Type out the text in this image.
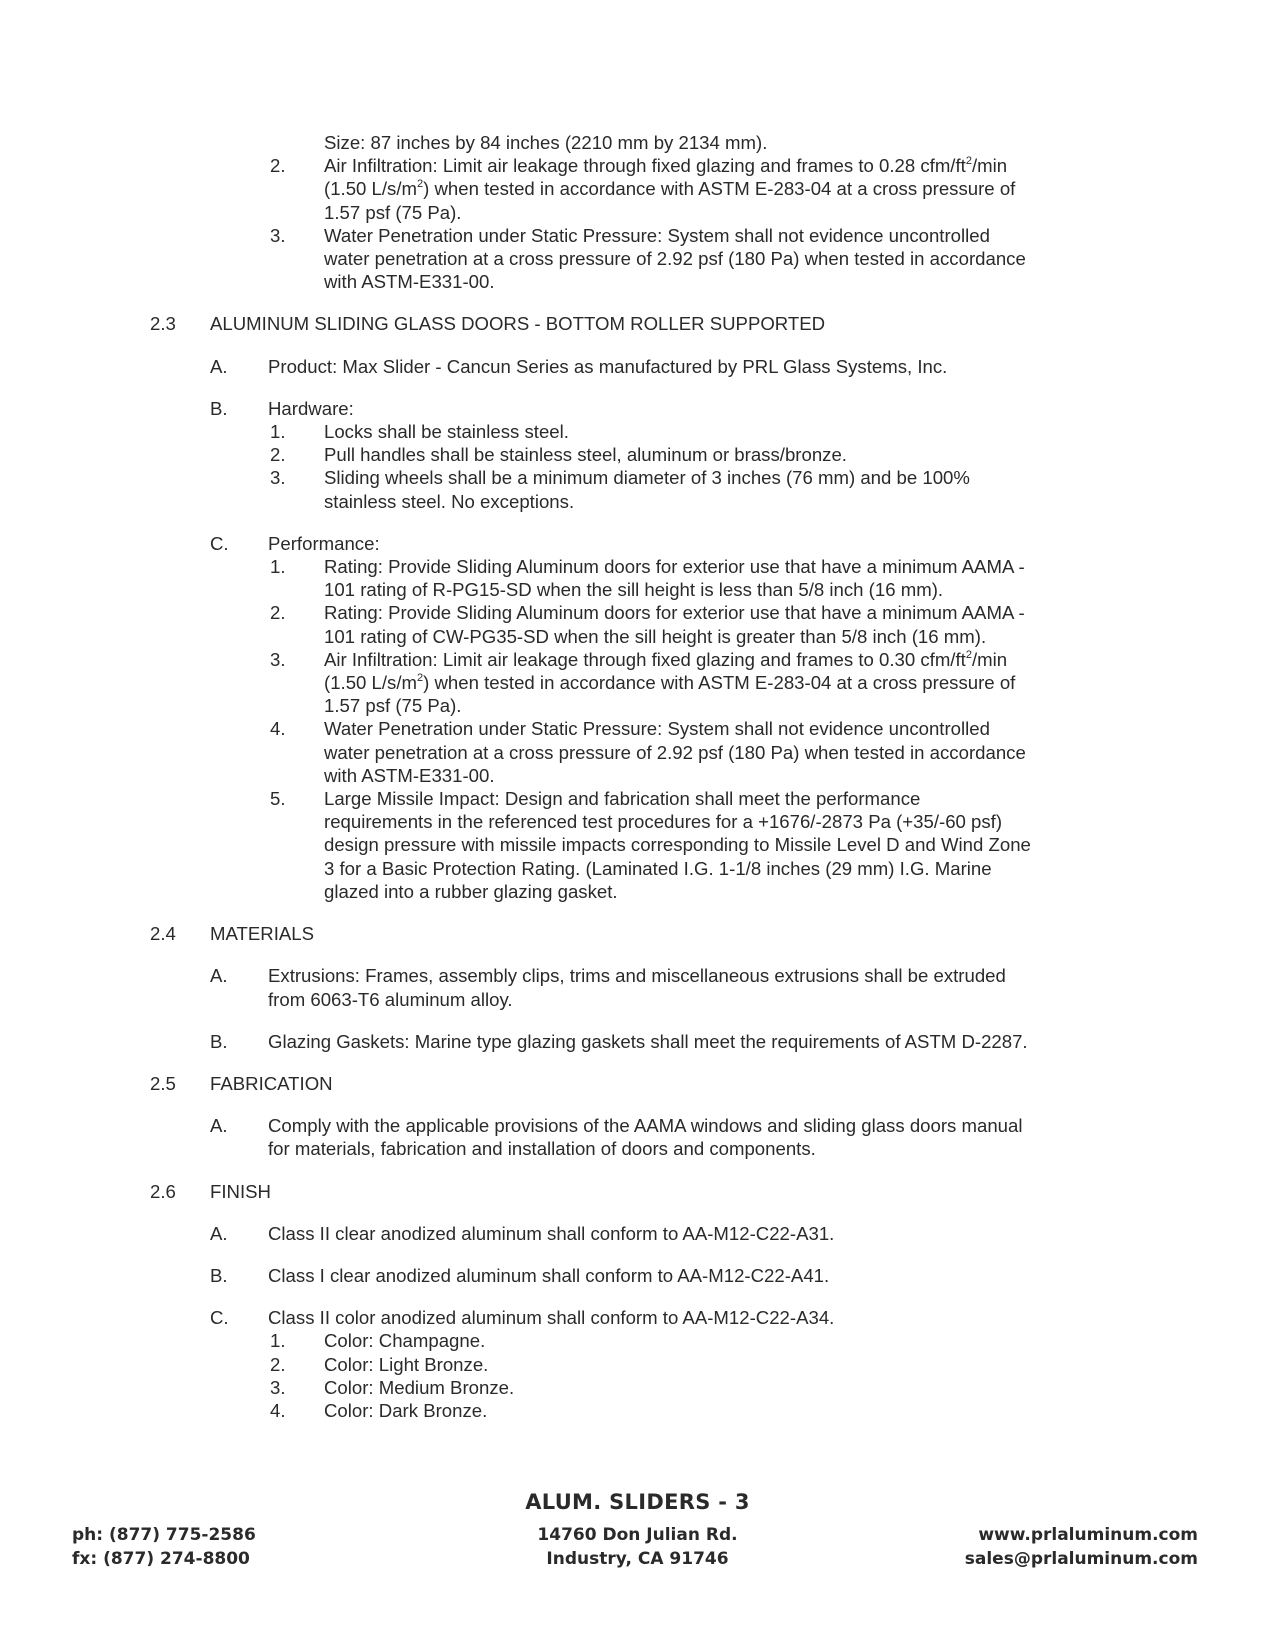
Size: 87 inches by 84 inches (2210 mm by 2134 mm).
2. Air Infiltration: Limit air leakage through fixed glazing and frames to 0.28 cfm/$ft^2/\min$
(1.50 $L/s/m^2$) when tested in accordance with ASTM E-283-04 at a cross pressure of
1.57 psf (75 Pa).
3. Water Penetration under Static Pressure: System shall not evidence uncontrolled
water penetration at a cross pressure of 2.92 psf (180 Pa) when tested in accordance
with ASTM-E331-00.
2.3 ALUMINUM SLIDING GLASS DOORS - BOTTOM ROLLER SUPPORTED
A. Product: Max Slider - Cancun Series as manufactured by PRL Glass Systems, Inc.
B. Hardware:
1. Locks shall be stainless steel.
2. Pull handles shall be stainless steel, aluminum or brass/bronze.
3. Sliding wheels shall be a minimum diameter of 3 inches (76 mm) and be 100%
stainless steel. No exceptions.
C. Performance:
1. Rating: Provide Sliding Aluminum doors for exterior use that have a minimum AAMA -
101 rating of R-PG15-SD when the sill height is less than 5/8 inch (16 mm).
2. Rating: Provide Sliding Aluminum doors for exterior use that have a minimum AAMA -
101 rating of CW-PG35-SD when the sill height is greater than 5/8 inch (16 mm).
3. Air Infiltration: Limit air leakage through fixed glazing and frames to 0.30 cfm/$ft^2/\min$
(1.50 $L/s/m^2$) when tested in accordance with ASTM E-283-04 at a cross pressure of
1.57 psf (75 Pa).
4. Water Penetration under Static Pressure: System shall not evidence uncontrolled
water penetration at a cross pressure of 2.92 psf (180 Pa) when tested in accordance
with ASTM-E331-00.
5. Large Missile Impact: Design and fabrication shall meet the performance
requirements in the referenced test procedures for a +1676/-2873 Pa (+35/-60 psf)
design pressure with missile impacts corresponding to Missile Level D and Wind Zone
3 for a Basic Protection Rating. (Laminated I.G. 1-1/8 inches (29 mm) I.G. Marine
glazed into a rubber glazing gasket.
2.4 MATERIALS
A. Extrusions: Frames, assembly clips, trims and miscellaneous extrusions shall be extruded
from 6063-T6 aluminum alloy.
B. Glazing Gaskets: Marine type glazing gaskets shall meet the requirements of ASTM D-2287.
2.5 FABRICATION
A. Comply with the applicable provisions of the AAMA windows and sliding glass doors manual
for materials, fabrication and installation of doors and components.
2.6 FINISH
A. Class II clear anodized aluminum shall conform to AA-M12-C22-A31.
B. Class I clear anodized aluminum shall conform to AA-M12-C22-A41.
C. Class II color anodized aluminum shall conform to AA-M12-C22-A34.
1. Color: Champagne.
2. Color: Light Bronze.
3. Color: Medium Bronze.
4. Color: Dark Bronze.
ALUM. SLIDERS - 3
ph: (877) 775-2586
fx: (877) 274-8800
14760 Don Julian Rd.
Industry, CA 91746
www.prlaluminum.com
sales@prlaluminum.com
